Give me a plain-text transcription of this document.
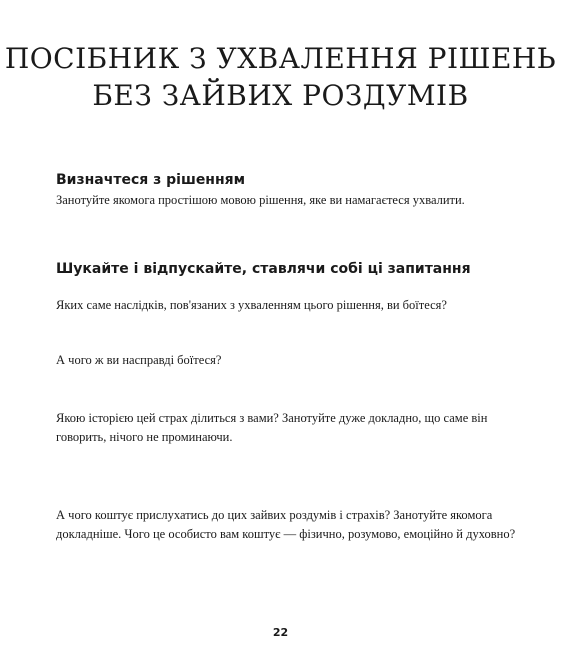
ПОСІБНИК З УХВАЛЕННЯ РІШЕНЬ
БЕЗ ЗАЙВИХ РОЗДУМІВ
Визначтеся з рішенням

Занотуйте якомога простішою мовою рішення, яке ви намагаєтеся ухвалити.

Шукайте і відпускайте, ставлячи собі ці запитання

Яких саме наслідків, пов'язаних з ухваленням цього рішення, ви боїтеся?

А чого ж ви насправді боїтеся?

Якою історією цей страх ділиться з вами? Занотуйте дуже докладно, що саме він говорить, нічого не проминаючи.

А чого коштує прислухатись до цих зайвих роздумів і страхів? Занотуйте якомога докладніше. Чого це особисто вам коштує — фізично, розумово, емоційно й духовно?

22
